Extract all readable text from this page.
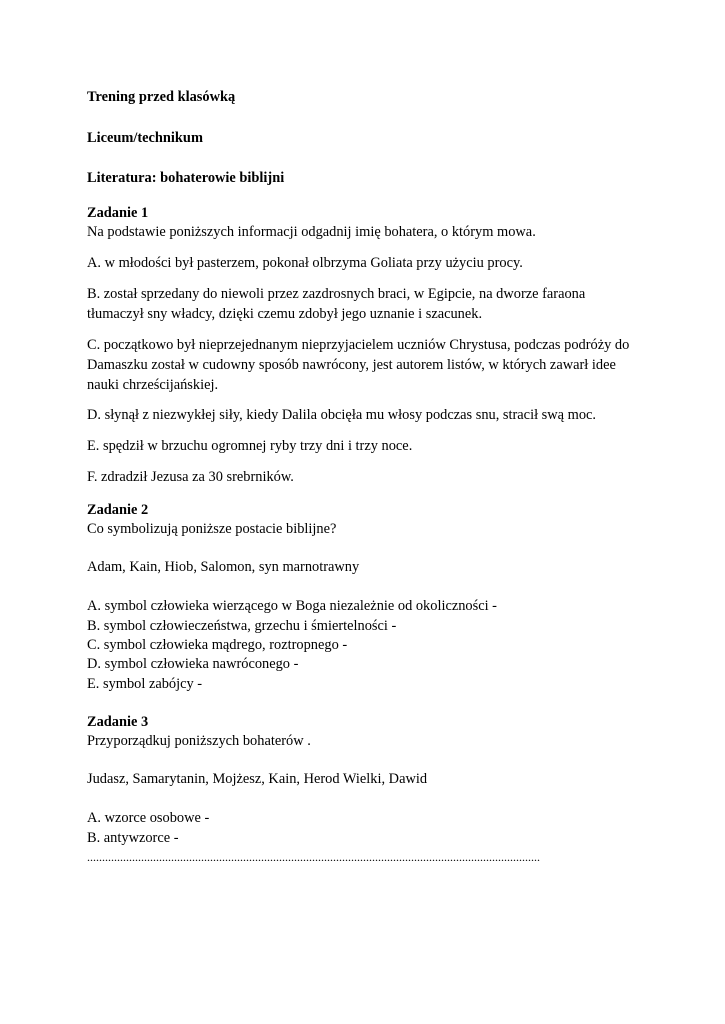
Trening przed klasówką

Liceum/technikum

Literatura: bohaterowie biblijni

Zadanie 1

Na podstawie poniższych informacji odgadnij imię bohatera, o którym mowa.

A. w młodości był pasterzem, pokonał olbrzyma Goliata przy użyciu procy.

B. został sprzedany do niewoli przez zazdrosnych braci, w Egipcie, na dworze faraona

tłumaczył sny władcy, dzięki czemu zdobył jego uznanie i szacunek.

C. początkowo był nieprzejednanym nieprzyjacielem uczniów Chrystusa, podczas podróży do

Damaszku został w cudowny sposób nawrócony, jest autorem listów, w których zawarł idee

nauki chrześcijańskiej.

D. słynął z niezwykłej siły, kiedy Dalila obcięła mu włosy podczas snu, stracił swą moc.

E. spędził w brzuchu ogromnej ryby trzy dni i trzy noce.

F. zdradził Jezusa za 30 srebrników.

Zadanie 2

Co symbolizują poniższe postacie biblijne?

Adam, Kain, Hiob, Salomon, syn marnotrawny

A. symbol człowieka wierzącego w Boga niezależnie od okoliczności -

B. symbol człowieczeństwa, grzechu i śmiertelności -

C. symbol człowieka mądrego, roztropnego -

D. symbol człowieka nawróconego -

E. symbol zabójcy -

Zadanie 3

Przyporządkuj poniższych bohaterów .

Judasz, Samarytanin, Mojżesz, Kain, Herod Wielki, Dawid

A. wzorce osobowe -

B. antywzorce -

.......................................................................................................................................................
